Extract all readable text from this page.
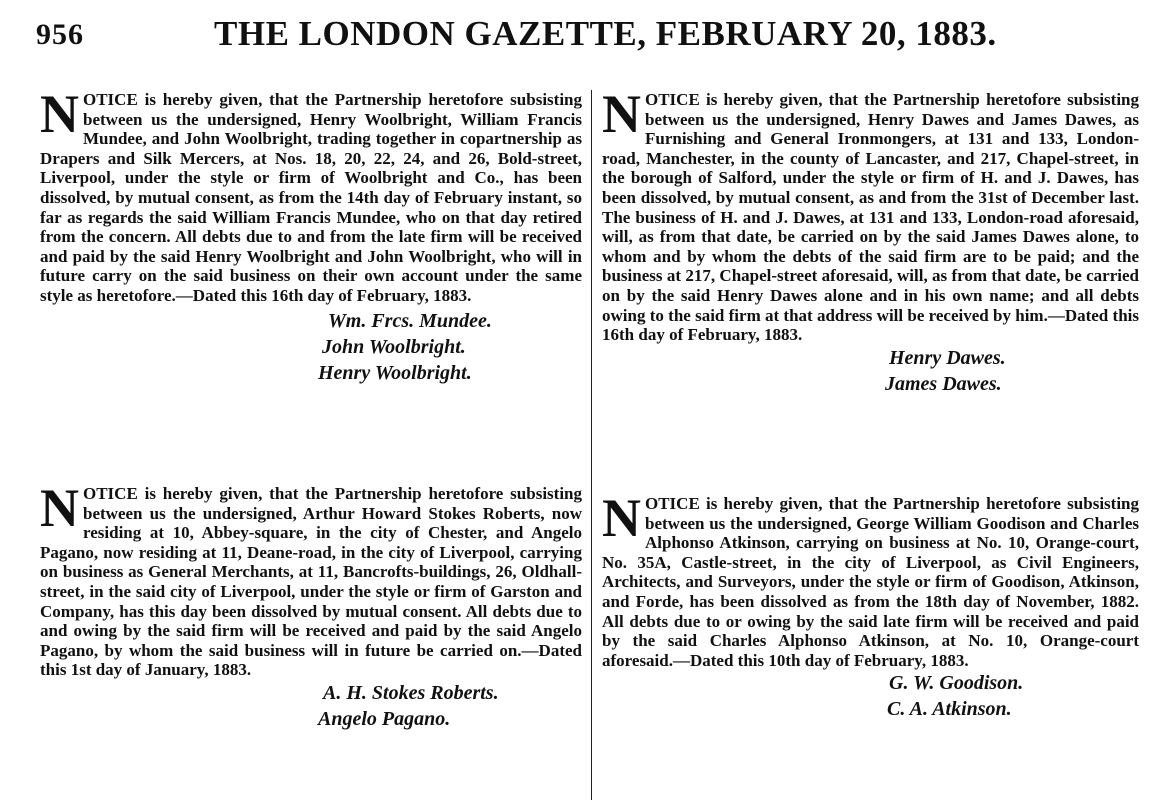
956	THE LONDON GAZETTE, FEBRUARY 20, 1883.

NOTICE is hereby given, that the Partnership heretofore subsisting between us the undersigned, Henry Woolbright, William Francis Mundee, and John Woolbright, trading together in copartnership as Drapers and Silk Mercers, at Nos. 18, 20, 22, 24, and 26, Bold-street, Liverpool, under the style or firm of Woolbright and Co., has been dissolved, by mutual consent, as from the 14th day of February instant, so far as regards the said William Francis Mundee, who on that day retired from the concern. All debts due to and from the late firm will be received and paid by the said Henry Woolbright and John Woolbright, who will in future carry on the said business on their own account under the same style as heretofore.—Dated this 16th day of February, 1883.

Wm. Frcs. Mundee.
John Woolbright.
Henry Woolbright.

NOTICE is hereby given, that the Partnership heretofore subsisting between us the undersigned, Arthur Howard Stokes Roberts, now residing at 10, Abbey-square, in the city of Chester, and Angelo Pagano, now residing at 11, Deane-road, in the city of Liverpool, carrying on business as General Merchants, at 11, Bancrofts-buildings, 26, Oldhall-street, in the said city of Liverpool, under the style or firm of Garston and Company, has this day been dissolved by mutual consent. All debts due to and owing by the said firm will be received and paid by the said Angelo Pagano, by whom the said business will in future be carried on.—Dated this 1st day of January, 1883.

A. H. Stokes Roberts.
Angelo Pagano.

NOTICE is hereby given, that the Partnership heretofore subsisting between us the undersigned, Henry Dawes and James Dawes, as Furnishing and General Ironmongers, at 131 and 133, London-road, Manchester, in the county of Lancaster, and 217, Chapel-street, in the borough of Salford, under the style or firm of H. and J. Dawes, has been dissolved, by mutual consent, as and from the 31st of December last. The business of H. and J. Dawes, at 131 and 133, London-road aforesaid, will, as from that date, be carried on by the said James Dawes alone, to whom and by whom the debts of the said firm are to be paid; and the business at 217, Chapel-street aforesaid, will, as from that date, be carried on by the said Henry Dawes alone and in his own name; and all debts owing to the said firm at that address will be received by him.—Dated this 16th day of February, 1883.

Henry Dawes.
James Dawes.

NOTICE is hereby given, that the Partnership heretofore subsisting between us the undersigned, George William Goodison and Charles Alphonso Atkinson, carrying on business at No. 10, Orange-court, No. 35A, Castle-street, in the city of Liverpool, as Civil Engineers, Architects, and Surveyors, under the style or firm of Goodison, Atkinson, and Forde, has been dissolved as from the 18th day of November, 1882. All debts due to or owing by the said late firm will be received and paid by the said Charles Alphonso Atkinson, at No. 10, Orange-court aforesaid.—Dated this 10th day of February, 1883.

G. W. Goodison.
C. A. Atkinson.
